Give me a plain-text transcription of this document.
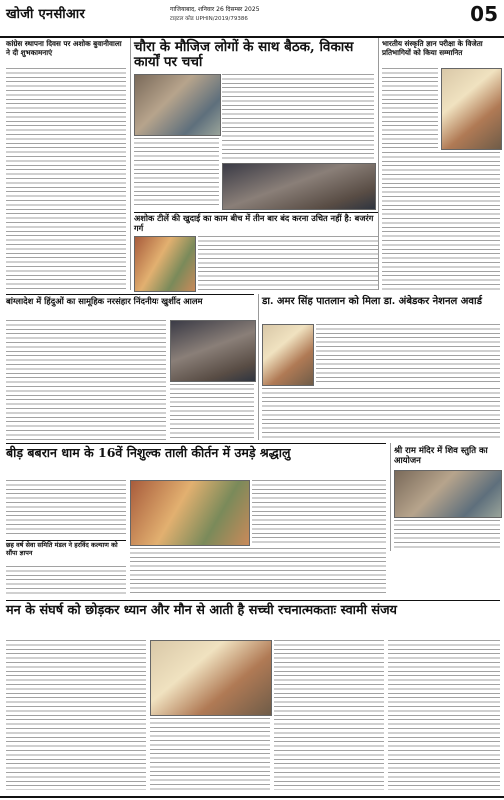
खोजी एनसीआर	गाजियाबाद, शनिवार 26 दिसम्बर 2025
टाइटल कोड UPHIN/2019/79386	05
कांग्रेस स्थापना दिवस पर अशोक बुवानीवाला ने दी शुभकामनाएं	चौरा के मौजिज लोगों के साथ बैठक, विकास कार्यों पर चर्चा
भारतीय संस्कृति ज्ञान परीक्षा के विजेता प्रतिभागियों को किया सम्मानित
अशोक टीलें की खुदाई का काम बीच में तीन बार बंद करना उचित नहीं है: बजरंग गर्ग
बांग्लादेश में हिंदुओं का सामूहिक नरसंहार निंदनीयः खुर्शीद आलम	डा. अमर सिंह पातलान को मिला डा. अंबेडकर नेशनल अवार्ड
बीड़ बबरान धाम के 16वें निशुल्क ताली कीर्तन में उमड़े श्रद्धालु	श्री राम मंदिर में शिव स्तुति का आयोजन
छह वर्ष सेवा समिति मंडल ने हरविंद कल्याण को सौंपा ज्ञापन
मन के संघर्ष को छोड़कर ध्यान और मौन से आती है सच्ची रचनात्मकताः स्वामी संजय
